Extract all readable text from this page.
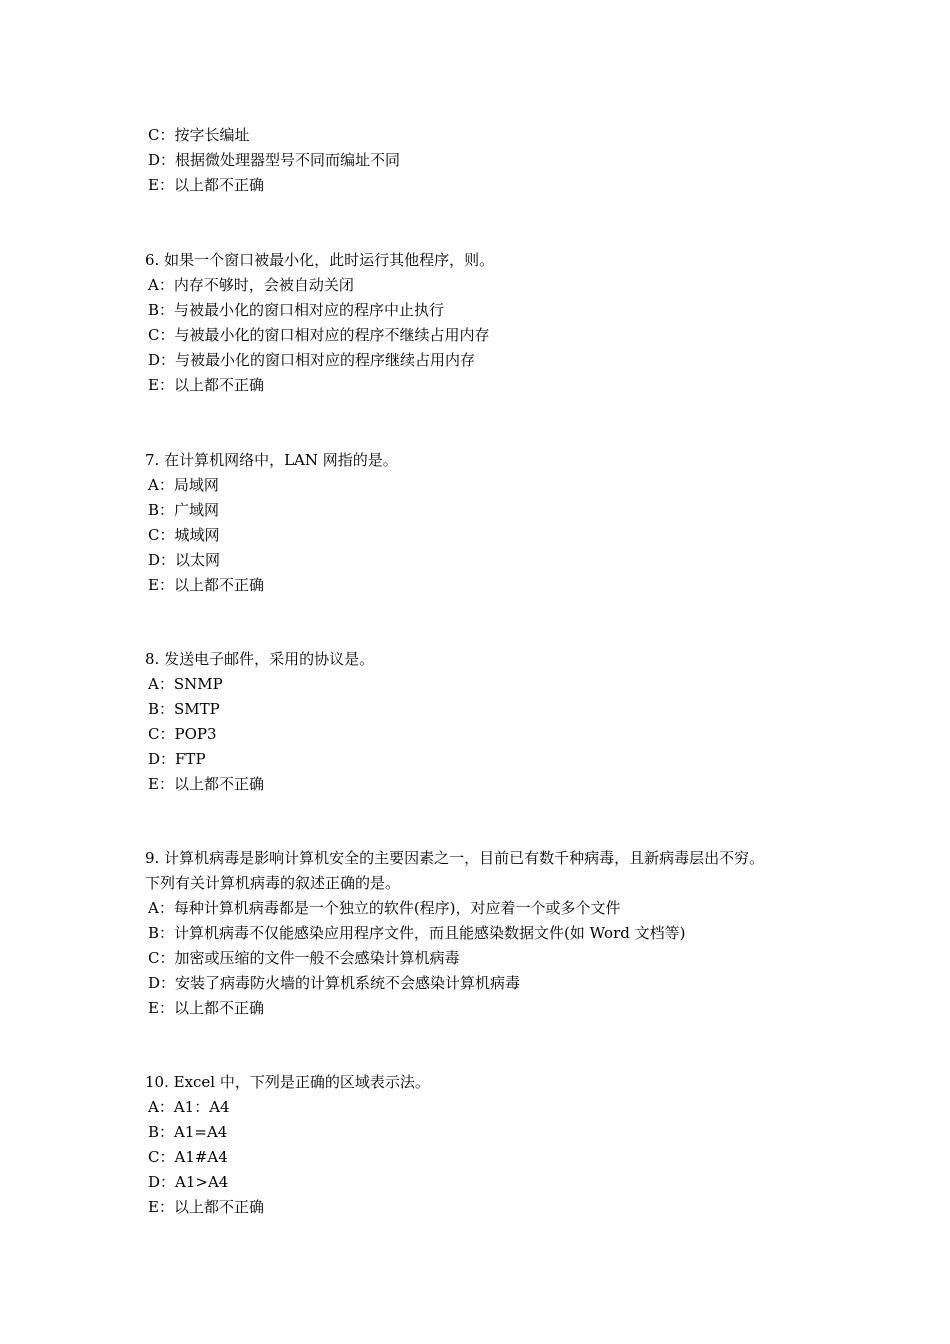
C：按字长编址
D：根据微处理器型号不同而编址不同
E：以上都不正确
6. 如果一个窗口被最小化，此时运行其他程序，则。
A：内存不够时，会被自动关闭
B：与被最小化的窗口相对应的程序中止执行
C：与被最小化的窗口相对应的程序不继续占用内存
D：与被最小化的窗口相对应的程序继续占用内存
E：以上都不正确
7. 在计算机网络中，LAN 网指的是。
A：局域网
B：广域网
C：城域网
D：以太网
E：以上都不正确
8. 发送电子邮件，采用的协议是。
A：SNMP
B：SMTP
C：POP3
D：FTP
E：以上都不正确
9. 计算机病毒是影响计算机安全的主要因素之一，目前已有数千种病毒，且新病毒层出不穷。
下列有关计算机病毒的叙述正确的是。
A：每种计算机病毒都是一个独立的软件(程序)，对应着一个或多个文件
B：计算机病毒不仅能感染应用程序文件，而且能感染数据文件(如 Word 文档等)
C：加密或压缩的文件一般不会感染计算机病毒
D：安装了病毒防火墙的计算机系统不会感染计算机病毒
E：以上都不正确
10. Excel 中，下列是正确的区域表示法。
A：A1：A4
B：A1=A4
C：A1#A4
D：A1>A4
E：以上都不正确
